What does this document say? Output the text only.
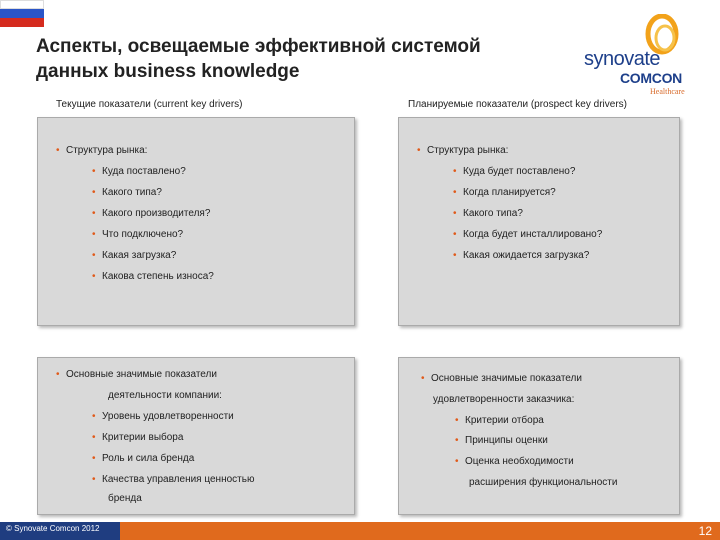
Аспекты, освещаемые эффективной системой
данных business knowledge
synovate
COMCON
Healthcare
Текущие показатели (current key drivers)	Планируемые показатели (prospect key drivers)
• Структура рынка:
• Куда поставлено?
• Какого типа?
• Какого производителя?
• Что подключено?
• Какая загрузка?
• Какова степень износа?
• Структура рынка:
• Куда будет поставлено?
• Когда планируется?
• Какого типа?
• Когда будет инсталлировано?
• Какая ожидается загрузка?
• Основные значимые показатели
деятельности компании:
• Уровень удовлетворенности
• Критерии выбора
• Роль и сила бренда
• Качества управления ценностью
бренда
• Основные значимые показатели
удовлетворенности заказчика:
• Критерии отбора
• Принципы оценки
• Оценка необходимости
расширения функциональности
© Synovate Comcon 2012	12
